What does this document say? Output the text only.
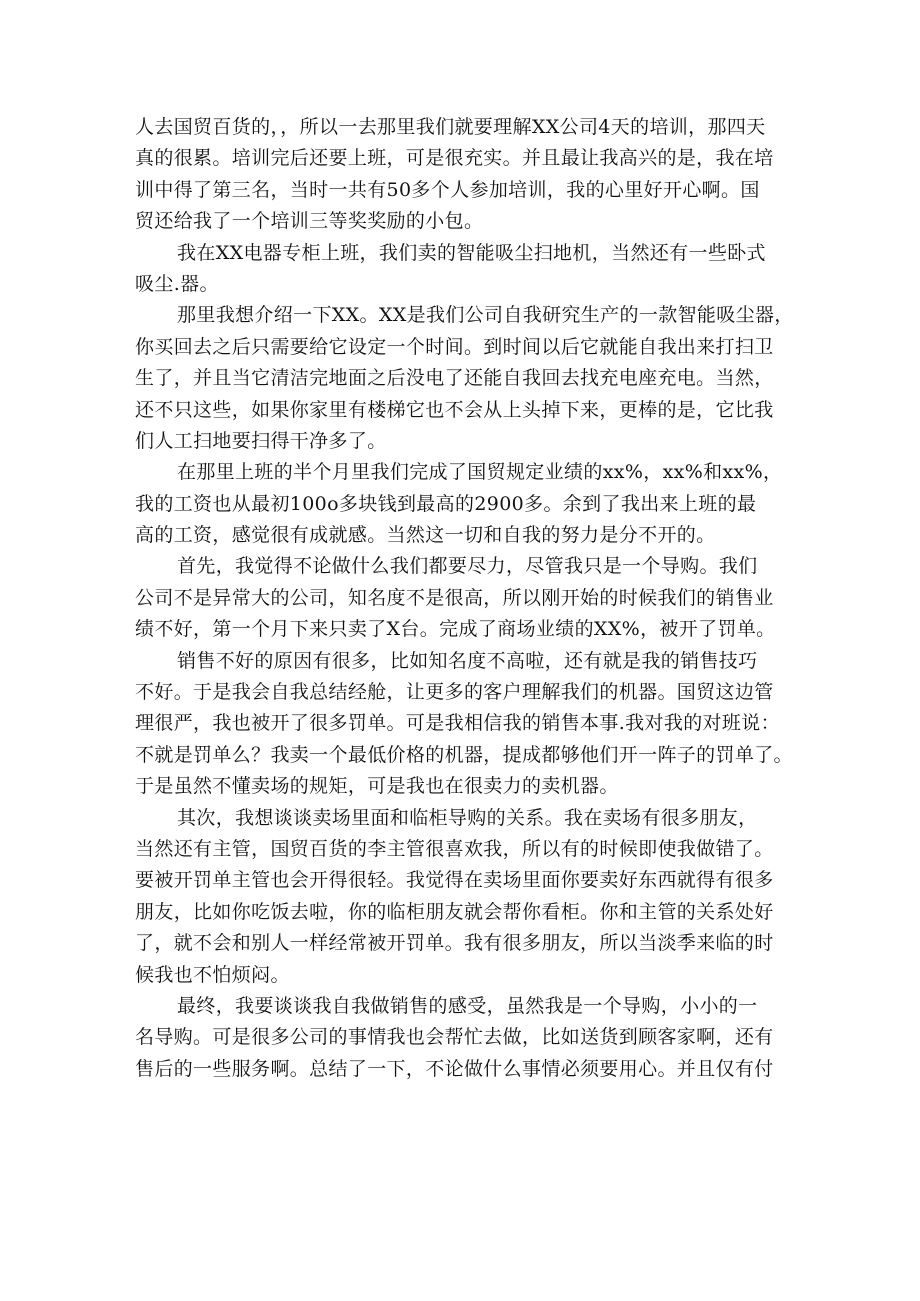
人去国贸百货的，，所以一去那里我们就要理解XX公司4天的培训，那四天
真的很累。培训完后还要上班，可是很充实。并且最让我高兴的是，我在培
训中得了第三名，当时一共有50多个人参加培训，我的心里好开心啊。国
贸还给我了一个培训三等奖奖励的小包。
我在XX电器专柜上班，我们卖的智能吸尘扫地机，当然还有一些卧式
吸尘.器。
那里我想介绍一下XX。XX是我们公司自我研究生产的一款智能吸尘器，
你买回去之后只需要给它设定一个时间。到时间以后它就能自我出来打扫卫
生了，并且当它清洁完地面之后没电了还能自我回去找充电座充电。当然，
还不只这些，如果你家里有楼梯它也不会从上头掉下来，更棒的是，它比我
们人工扫地要扫得干净多了。
在那里上班的半个月里我们完成了国贸规定业绩的xx%，xx%和xx%，
我的工资也从最初100o多块钱到最高的2900多。余到了我出来上班的最
高的工资，感觉很有成就感。当然这一切和自我的努力是分不开的。
首先，我觉得不论做什么我们都要尽力，尽管我只是一个导购。我们
公司不是异常大的公司，知名度不是很高，所以刚开始的时候我们的销售业
绩不好，第一个月下来只卖了X台。完成了商场业绩的XX%，被开了罚单。
销售不好的原因有很多，比如知名度不高啦，还有就是我的销售技巧
不好。于是我会自我总结经舱，让更多的客户理解我们的机器。国贸这边管
理很严，我也被开了很多罚单。可是我相信我的销售本事.我对我的对班说：
不就是罚单么？我卖一个最低价格的机器，提成都够他们开一阵子的罚单了。
于是虽然不懂卖场的规矩，可是我也在很卖力的卖机器。
其次，我想谈谈卖场里面和临柜导购的关系。我在卖场有很多朋友，
当然还有主管，国贸百货的李主管很喜欢我，所以有的时候即使我做错了。
要被开罚单主管也会开得很轻。我觉得在卖场里面你要卖好东西就得有很多
朋友，比如你吃饭去啦，你的临柜朋友就会帮你看柜。你和主管的关系处好
了，就不会和别人一样经常被开罚单。我有很多朋友，所以当淡季来临的时
候我也不怕烦闷。
最终，我要谈谈我自我做销售的感受，虽然我是一个导购，小小的一
名导购。可是很多公司的事情我也会帮忙去做，比如送货到顾客家啊，还有
售后的一些服务啊。总结了一下，不论做什么事情必须要用心。并且仅有付
